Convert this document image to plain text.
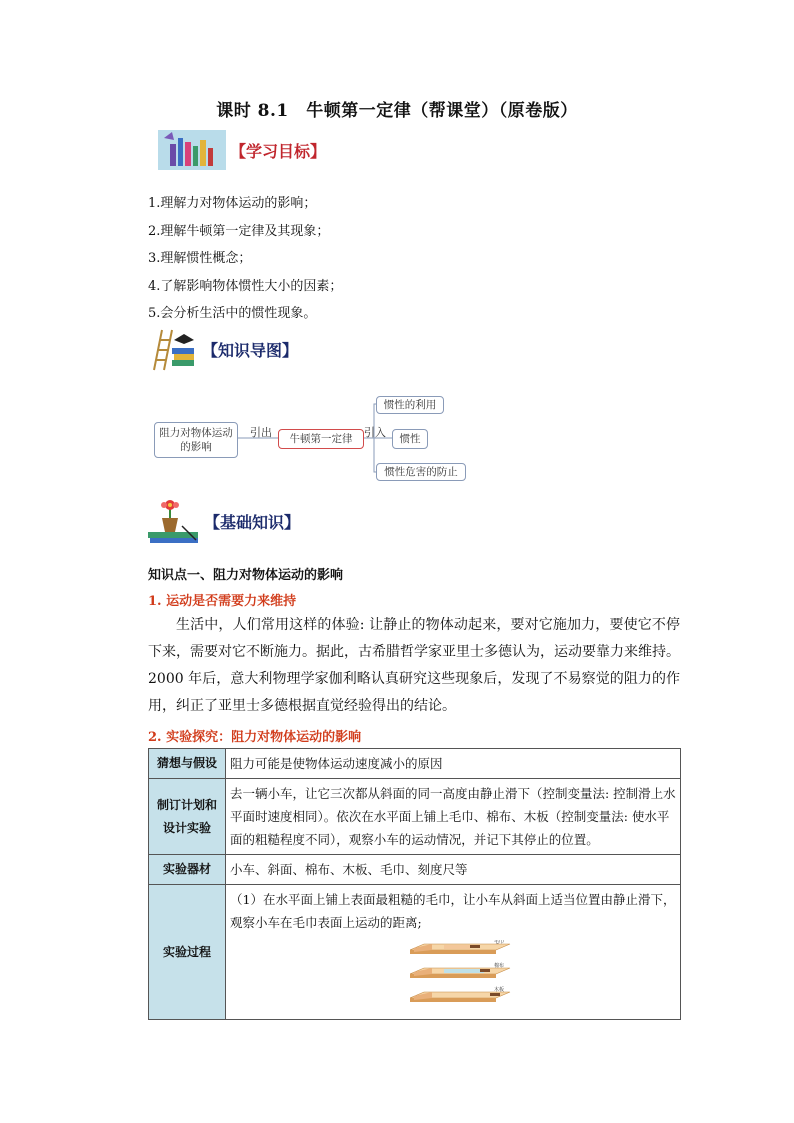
课时 8.1　牛顿第一定律（帮课堂）（原卷版）
【学习目标】
1.理解力对物体运动的影响；
2.理解牛顿第一定律及其现象；
3.理解惯性概念；
4.了解影响物体惯性大小的因素；
5.会分析生活中的惯性现象。
【知识导图】
阻力对物体运动的影响
引出	牛顿第一定律	引入	惯性
惯性的利用
惯性危害的防止
【基础知识】
知识点一、阻力对物体运动的影响
1. 运动是否需要力来维持
生活中，人们常用这样的体验: 让静止的物体动起来，要对它施加力，要使它不停下来，需要对它不断施力。据此，古希腊哲学家亚里士多德认为，运动要靠力来维持。2000 年后，意大利物理学家伽利略认真研究这些现象后，发现了不易察觉的阻力的作用，纠正了亚里士多德根据直觉经验得出的结论。
2. 实验探究：阻力对物体运动的影响
猜想与假设	阻力可能是使物体运动速度减小的原因
制订计划和设计实验	去一辆小车，让它三次都从斜面的同一高度由静止滑下（控制变量法: 控制滑上水平面时速度相同）。依次在水平面上铺上毛巾、棉布、木板（控制变量法: 使水平面的粗糙程度不同），观察小车的运动情况，并记下其停止的位置。
实验器材	小车、斜面、棉布、木板、毛巾、刻度尺等
实验过程	（1）在水平面上铺上表面最粗糙的毛巾，让小车从斜面上适当位置由静止滑下，观察小车在毛巾表面上运动的距离;
毛巾
棉布
木板
